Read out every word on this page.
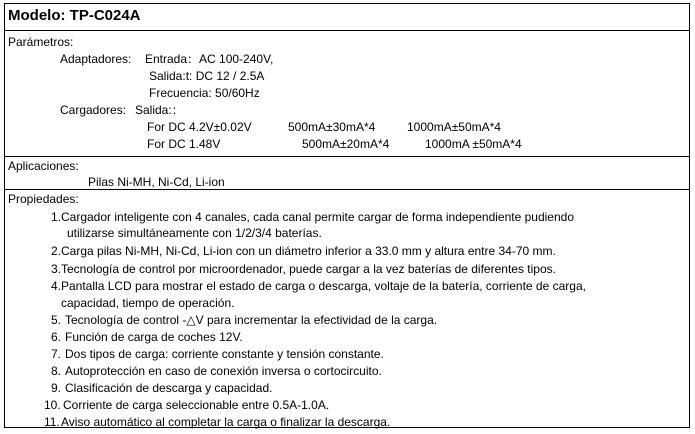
Modelo: TP-C024A
Parámetros:
Adaptadores: Entrada：AC 100-240V,
Salida:t: DC 12 / 2.5A
Frecuencia: 50/60Hz
Cargadores: Salida:：
For DC 4.2V±0.02V	500mA±30mA*4	1000mA±50mA*4
For DC 1.48V	500mA±20mA*4	1000mA ±50mA*4
Aplicaciones:
Pilas Ni-MH, Ni-Cd, Li-ion
Propiedades:
1. Cargador inteligente con 4 canales, cada canal permite cargar de forma independiente pudiendo
utilizarse simultáneamente con 1/2/3/4 baterías.
2. Carga pilas Ni-MH, Ni-Cd, Li-ion con un diámetro inferior a 33.0 mm y altura entre 34-70 mm.
3. Tecnología de control por microordenador, puede cargar a la vez baterías de diferentes tipos.
4. Pantalla LCD para mostrar el estado de carga o descarga, voltaje de la batería, corriente de carga,
capacidad, tiempo de operación.
5. Tecnología de control -△V para incrementar la efectividad de la carga.
6. Función de carga de coches 12V.
7. Dos tipos de carga: corriente constante y tensión constante.
8. Autoprotección en caso de conexión inversa o cortocircuito.
9. Clasificación de descarga y capacidad.
10. Corriente de carga seleccionable entre 0.5A-1.0A.
11. Aviso automático al completar la carga o finalizar la descarga.
